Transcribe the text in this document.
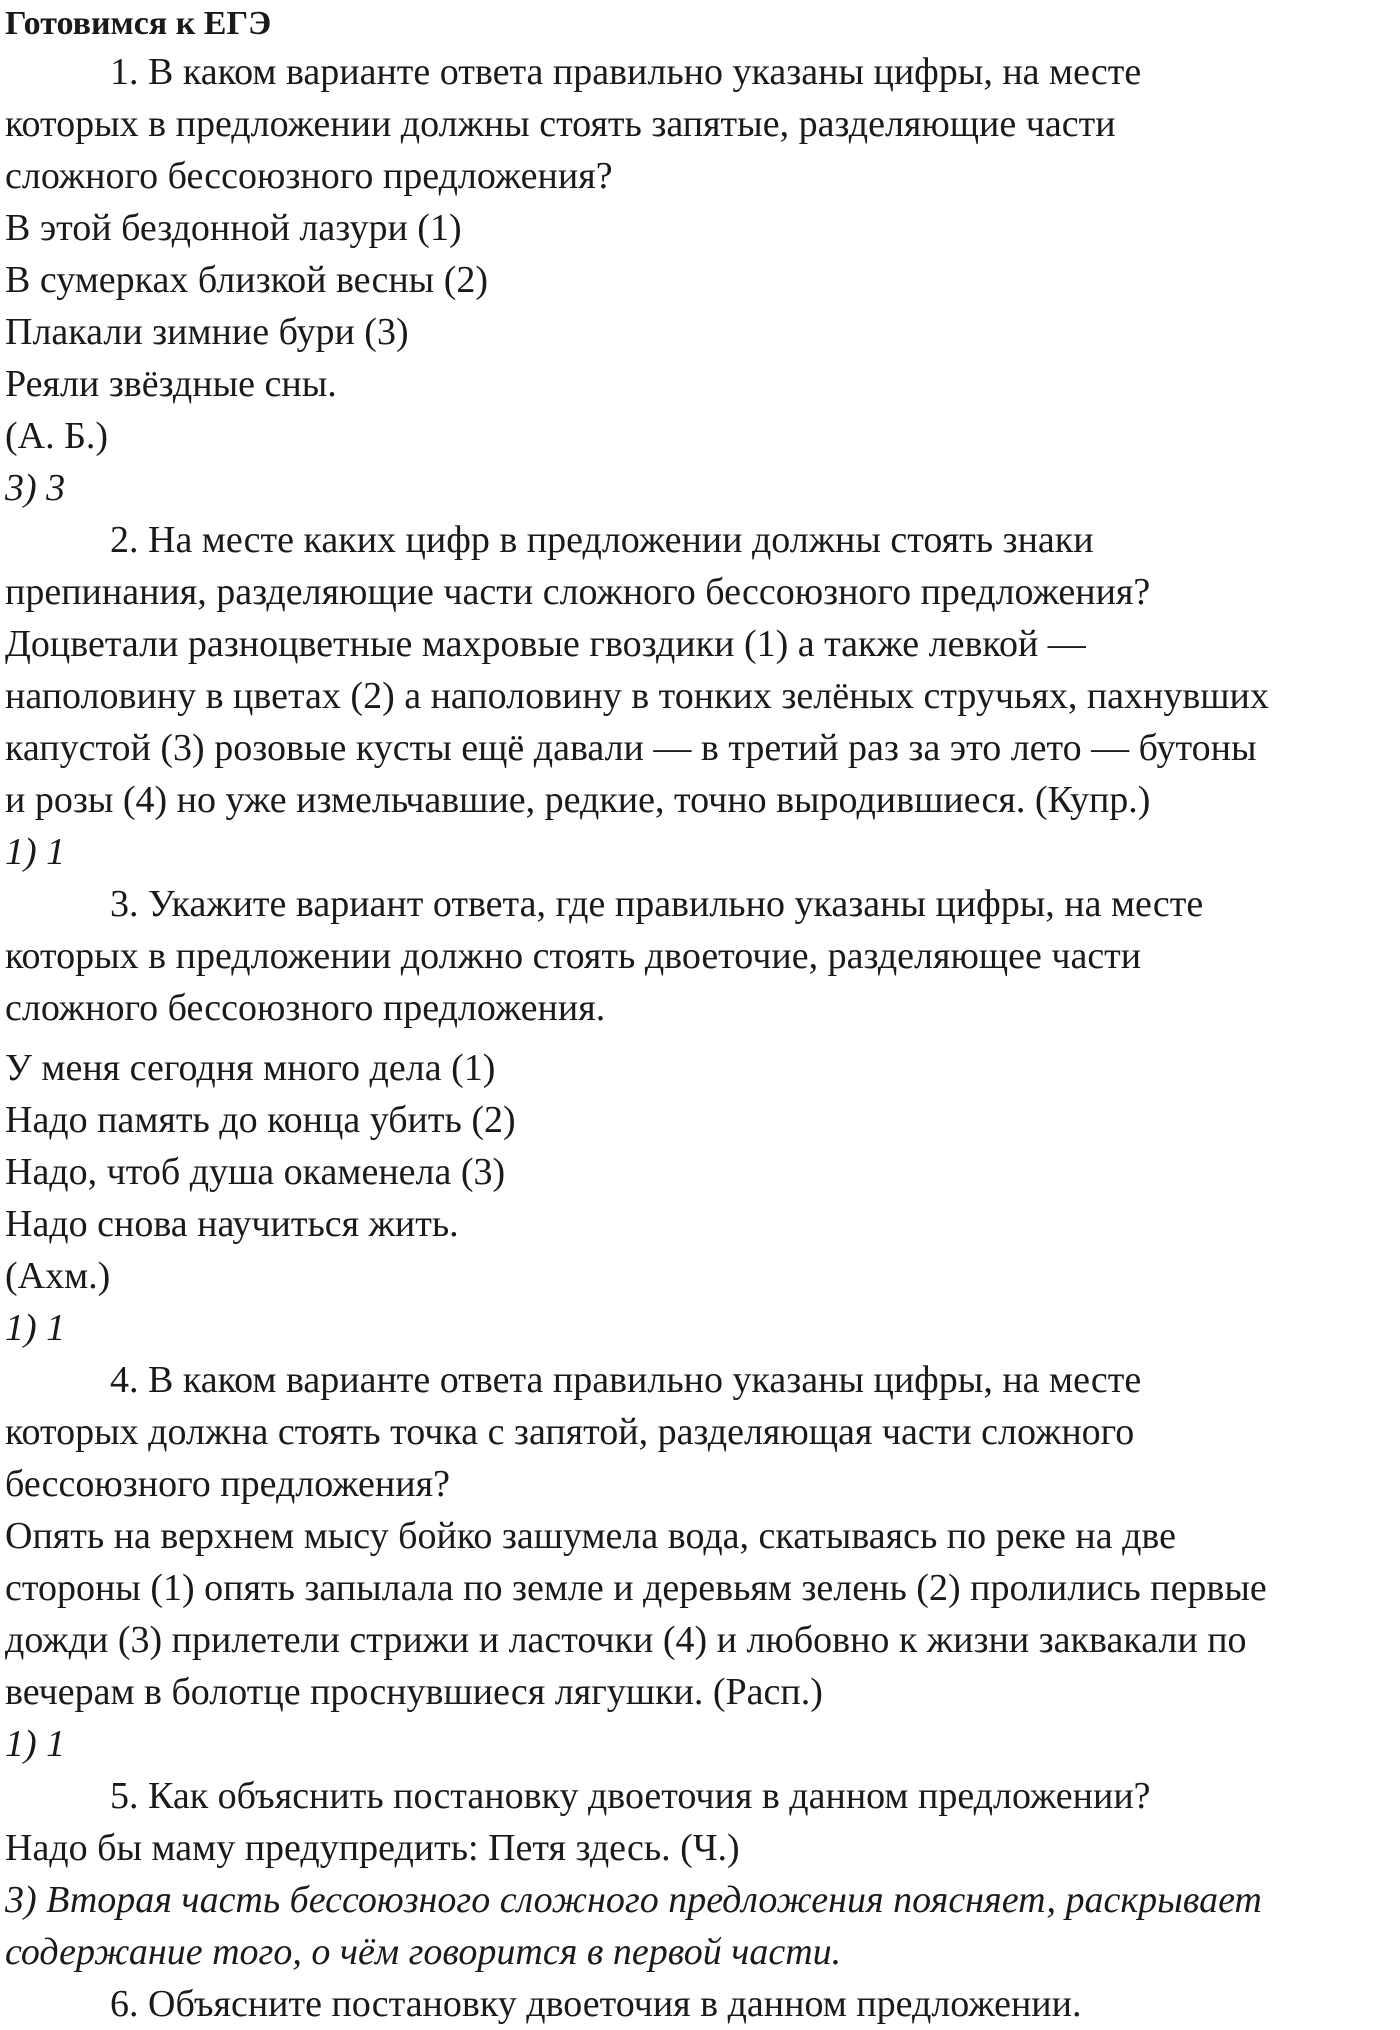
Готовимся к ЕГЭ
1. В каком варианте ответа правильно указаны цифры, на месте
которых в предложении должны стоять запятые, разделяющие части
сложного бессоюзного предложения?
В этой бездонной лазури (1)
В сумерках близкой весны (2)
Плакали зимние бури (3)
Реяли звёздные сны.
(А. Б.)
3) 3
2. На месте каких цифр в предложении должны стоять знаки
препинания, разделяющие части сложного бессоюзного предложения?
Доцветали разноцветные махровые гвоздики (1) а также левкой —
наполовину в цветах (2) а наполовину в тонких зелёных стручьях, пахнувших
капустой (3) розовые кусты ещё давали — в третий раз за это лето — бутоны
и розы (4) но уже измельчавшие, редкие, точно выродившиеся. (Купр.)
1) 1
3. Укажите вариант ответа, где правильно указаны цифры, на месте
которых в предложении должно стоять двоеточие, разделяющее части
сложного бессоюзного предложения.
У меня сегодня много дела (1)
Надо память до конца убить (2)
Надо, чтоб душа окаменела (3)
Надо снова научиться жить.
(Ахм.)
1) 1
4. В каком варианте ответа правильно указаны цифры, на месте
которых должна стоять точка с запятой, разделяющая части сложного
бессоюзного предложения?
Опять на верхнем мысу бойко зашумела вода, скатываясь по реке на две
стороны (1) опять запылала по земле и деревьям зелень (2) пролились первые
дожди (3) прилетели стрижи и ласточки (4) и любовно к жизни заквакали по
вечерам в болотце проснувшиеся лягушки. (Расп.)
1) 1
5. Как объяснить постановку двоеточия в данном предложении?
Надо бы маму предупредить: Петя здесь. (Ч.)
3) Вторая часть бессоюзного сложного предложения поясняет, раскрывает
содержание того, о чём говорится в первой части.
6. Объясните постановку двоеточия в данном предложении.
